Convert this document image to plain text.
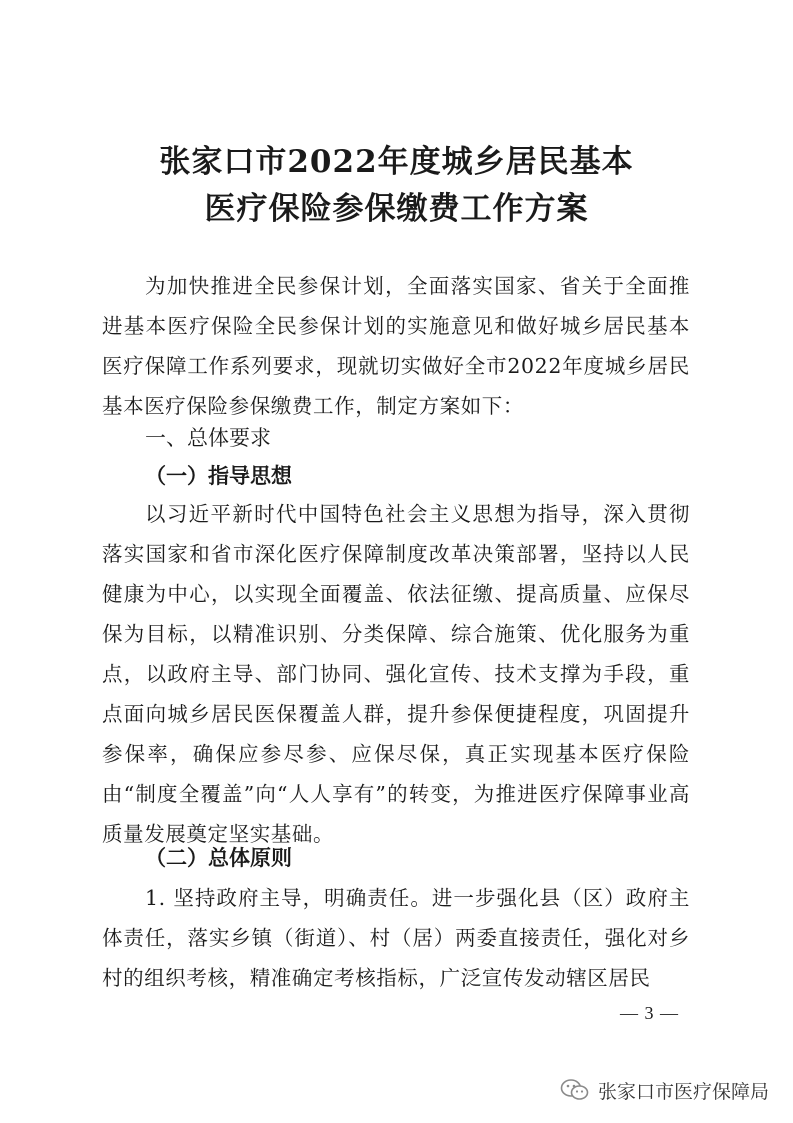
张家口市2022年度城乡居民基本
医疗保险参保缴费工作方案

为加快推进全民参保计划，全面落实国家、省关于全面推进基本医疗保险全民参保计划的实施意见和做好城乡居民基本医疗保障工作系列要求，现就切实做好全市2022年度城乡居民基本医疗保险参保缴费工作，制定方案如下：

一、总体要求

（一）指导思想

以习近平新时代中国特色社会主义思想为指导，深入贯彻落实国家和省市深化医疗保障制度改革决策部署，坚持以人民健康为中心，以实现全面覆盖、依法征缴、提高质量、应保尽保为目标，以精准识别、分类保障、综合施策、优化服务为重点，以政府主导、部门协同、强化宣传、技术支撑为手段，重点面向城乡居民医保覆盖人群，提升参保便捷程度，巩固提升参保率，确保应参尽参、应保尽保，真正实现基本医疗保险由“制度全覆盖”向“人人享有”的转变，为推进医疗保障事业高质量发展奠定坚实基础。

（二）总体原则

1. 坚持政府主导，明确责任。进一步强化县（区）政府主体责任，落实乡镇（街道）、村（居）两委直接责任，强化对乡村的组织考核，精准确定考核指标，广泛宣传发动辖区居民

— 3 —
张家口市医疗保障局
